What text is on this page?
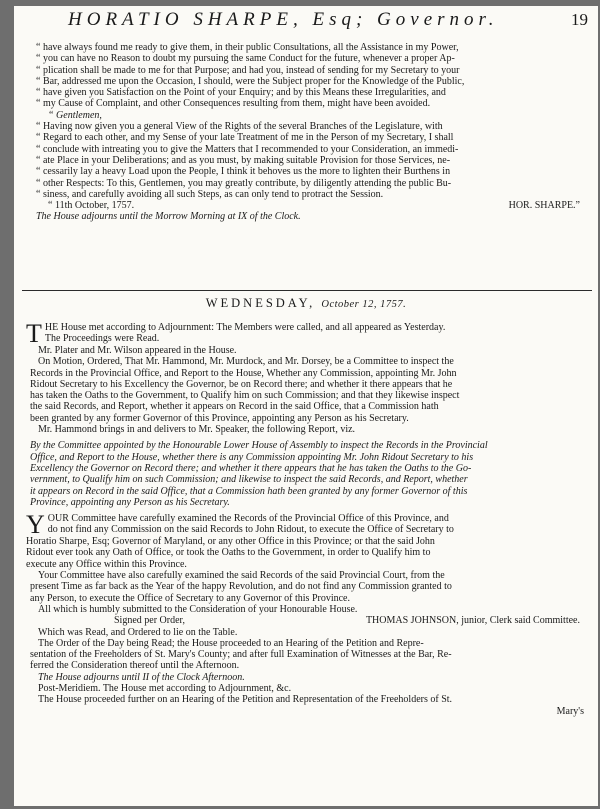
HORATIO SHARPE, Esq; Governor.	19

“ have always found me ready to give them, in their public Consultations, all the Assistance in my Power,

“ you can have no Reason to doubt my pursuing the same Conduct for the future, whenever a proper Ap-

“ plication shall be made to me for that Purpose; and had you, instead of sending for my Secretary to your

“ Bar, addressed me upon the Occasion, I should, were the Subject proper for the Knowledge of the Public,

“ have given you Satisfaction on the Point of your Enquiry; and by this Means these Irregularities, and

“ my Cause of Complaint, and other Consequences resulting from them, might have been avoided.

“ Gentlemen,

“ Having now given you a general View of the Rights of the several Branches of the Legislature, with

“ Regard to each other, and my Sense of your late Treatment of me in the Person of my Secretary, I shall

“ conclude with intreating you to give the Matters that I recommended to your Consideration, an immedi-

“ ate Place in your Deliberations; and as you must, by making suitable Provision for those Services, ne-

“ cessarily lay a heavy Load upon the People, I think it behoves us the more to lighten their Burthens in

“ other Respects: To this, Gentlemen, you may greatly contribute, by diligently attending the public Bu-

“ siness, and carefully avoiding all such Steps, as can only tend to protract the Session.

“ 11th October, 1757.	HOR. SHARPE.”

The House adjourns until the Morrow Morning at IX of the Clock.

WEDNESDAY, October 12, 1757.
T HE House met according to Adjournment: The Members were called, and all appeared as Yesterday.
The Proceedings were Read.

Mr. Plater and Mr. Wilson appeared in the House.

On Motion, Ordered, That Mr. Hammond, Mr. Murdock, and Mr. Dorsey, be a Committee to inspect the

Records in the Provincial Office, and Report to the House, Whether any Commission, appointing Mr. John

Ridout Secretary to his Excellency the Governor, be on Record there; and whether it there appears that he

has taken the Oaths to the Government, to Qualify him on such Commission; and that they likewise inspect

the said Records, and Report, whether it appears on Record in the said Office, that a Commission hath

been granted by any former Governor of this Province, appointing any Person as his Secretary.

Mr. Hammond brings in and delivers to Mr. Speaker, the following Report, viz.

By the Committee appointed by the Honourable Lower House of Assembly to inspect the Records in the Provincial

Office, and Report to the House, whether there is any Commission appointing Mr. John Ridout Secretary to his

Excellency the Governor on Record there; and whether it there appears that he has taken the Oaths to the Go-

vernment, to Qualify him on such Commission; and likewise to inspect the said Records, and Report, whether

it appears on Record in the said Office, that a Commission hath been granted by any former Governor of this

Province, appointing any Person as his Secretary.

Y OUR Committee have carefully examined the Records of the Provincial Office of this Province, and
do not find any Commission on the said Records to John Ridout, to execute the Office of Secretary to
Horatio Sharpe, Esq; Governor of Maryland, or any other Office in this Province; or that the said John
Ridout ever took any Oath of Office, or took the Oaths to the Government, in order to Qualify him to
execute any Office within this Province.

Your Committee have also carefully examined the said Records of the said Provincial Court, from the

present Time as far back as the Year of the happy Revolution, and do not find any Commission granted to

any Person, to execute the Office of Secretary to any Governor of this Province.

All which is humbly submitted to the Consideration of your Honourable House.

Signed per Order,	THOMAS JOHNSON, junior, Clerk said Committee.

Which was Read, and Ordered to lie on the Table.

The Order of the Day being Read; the House proceeded to an Hearing of the Petition and Repre-

sentation of the Freeholders of St. Mary's County; and after full Examination of Witnesses at the Bar, Re-

ferred the Consideration thereof until the Afternoon.

The House adjourns until II of the Clock Afternoon.

Post-Meridiem. The House met according to Adjournment, &c.

The House proceeded further on an Hearing of the Petition and Representation of the Freeholders of St.

Mary's
